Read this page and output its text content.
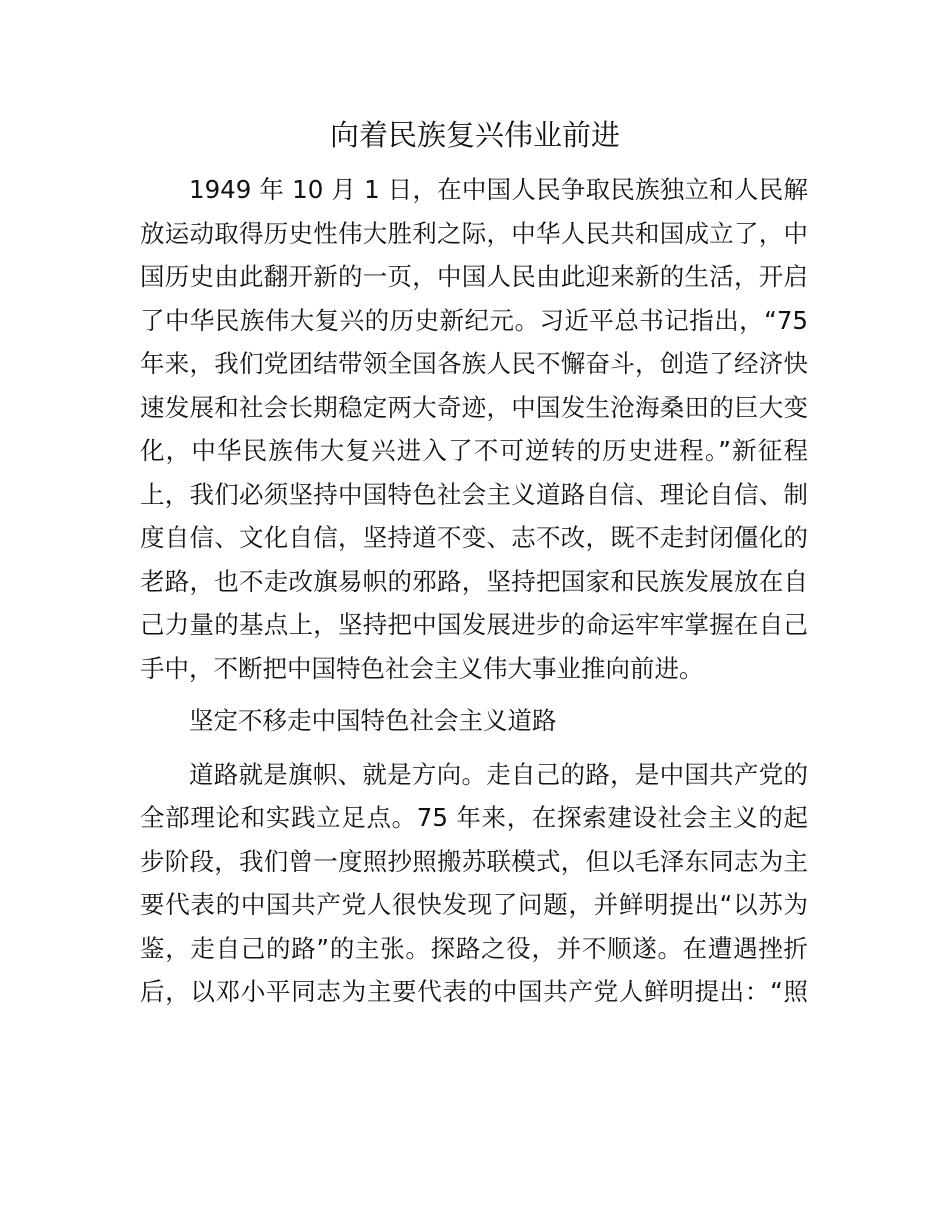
向着民族复兴伟业前进
1949 年 10 月 1 日，在中国人民争取民族独立和人民解
放运动取得历史性伟大胜利之际，中华人民共和国成立了，中
国历史由此翻开新的一页，中国人民由此迎来新的生活，开启
了中华民族伟大复兴的历史新纪元。习近平总书记指出，“75
年来，我们党团结带领全国各族人民不懈奋斗，创造了经济快
速发展和社会长期稳定两大奇迹，中国发生沧海桑田的巨大变
化，中华民族伟大复兴进入了不可逆转的历史进程。”新征程
上，我们必须坚持中国特色社会主义道路自信、理论自信、制
度自信、文化自信，坚持道不变、志不改，既不走封闭僵化的
老路，也不走改旗易帜的邪路，坚持把国家和民族发展放在自
己力量的基点上，坚持把中国发展进步的命运牢牢掌握在自己
手中，不断把中国特色社会主义伟大事业推向前进。
坚定不移走中国特色社会主义道路
道路就是旗帜、就是方向。走自己的路，是中国共产党的
全部理论和实践立足点。75 年来，在探索建设社会主义的起
步阶段，我们曾一度照抄照搬苏联模式，但以毛泽东同志为主
要代表的中国共产党人很快发现了问题，并鲜明提出“以苏为
鉴，走自己的路”的主张。探路之役，并不顺遂。在遭遇挫折
后，以邓小平同志为主要代表的中国共产党人鲜明提出：“照
